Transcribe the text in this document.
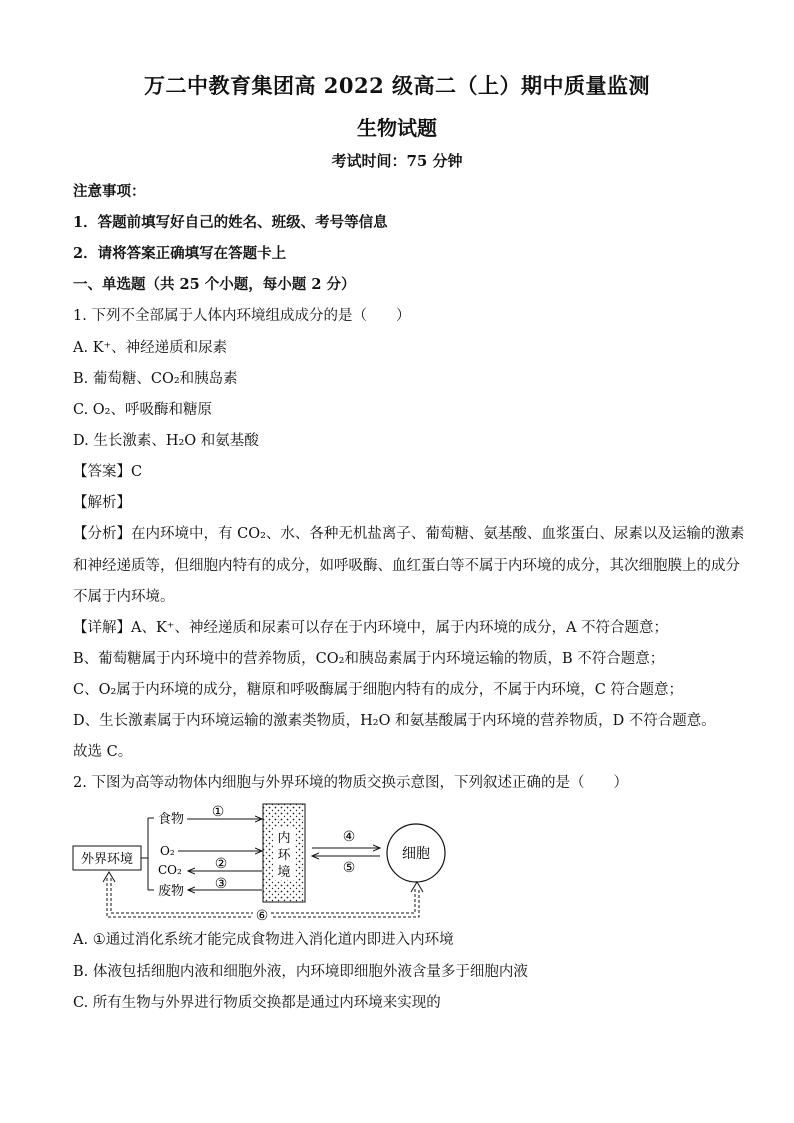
万二中教育集团高 2022 级高二（上）期中质量监测
生物试题
考试时间：75 分钟
注意事项：
1．答题前填写好自己的姓名、班级、考号等信息
2．请将答案正确填写在答题卡上
一、单选题（共 25 个小题，每小题 2 分）
1. 下列不全部属于人体内环境组成成分的是（　　）
A. K⁺、神经递质和尿素
B. 葡萄糖、CO₂和胰岛素
C. O₂、呼吸酶和糖原
D. 生长激素、H₂O 和氨基酸
【答案】C
【解析】
【分析】在内环境中，有 CO₂、水、各种无机盐离子、葡萄糖、氨基酸、血浆蛋白、尿素以及运输的激素
和神经递质等，但细胞内特有的成分，如呼吸酶、血红蛋白等不属于内环境的成分，其次细胞膜上的成分
不属于内环境。
【详解】A、K⁺、神经递质和尿素可以存在于内环境中，属于内环境的成分，A 不符合题意；
B、葡萄糖属于内环境中的营养物质，CO₂和胰岛素属于内环境运输的物质，B 不符合题意；
C、O₂属于内环境的成分，糖原和呼吸酶属于细胞内特有的成分，不属于内环境，C 符合题意；
D、生长激素属于内环境运输的激素类物质，H₂O 和氨基酸属于内环境的营养物质，D 不符合题意。
故选 C。
2. 下图为高等动物体内细胞与外界环境的物质交换示意图，下列叙述正确的是（　　）
外界环境
食物
O₂
CO₂
废物
内
环
境
①
②
③
④
⑤
细胞
⑥
A. ①通过消化系统才能完成食物进入消化道内即进入内环境
B. 体液包括细胞内液和细胞外液，内环境即细胞外液含量多于细胞内液
C. 所有生物与外界进行物质交换都是通过内环境来实现的
